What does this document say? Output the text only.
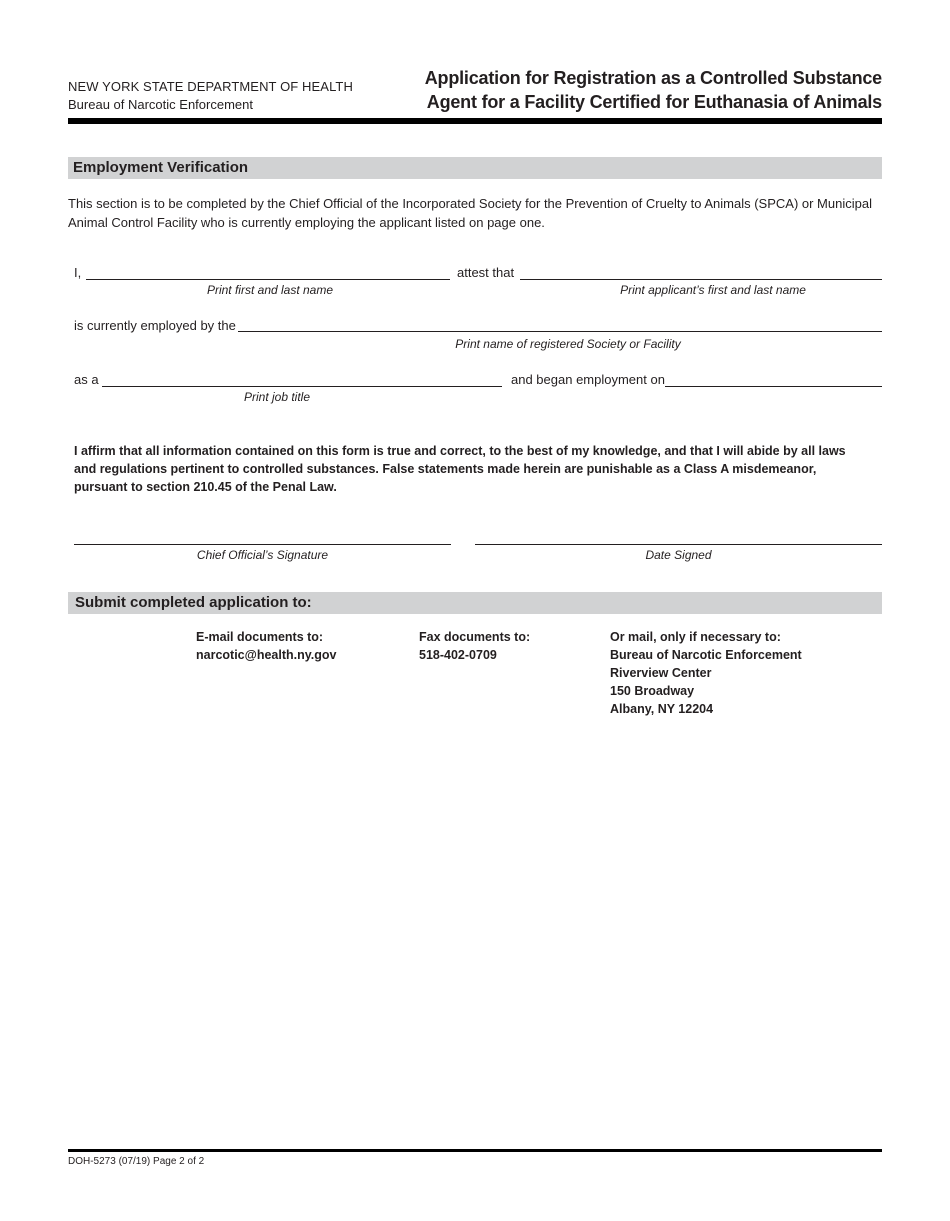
NEW YORK STATE DEPARTMENT OF HEALTH
Bureau of Narcotic Enforcement
Application for Registration as a Controlled Substance
Agent for a Facility Certified for Euthanasia of Animals
Employment Verification
This section is to be completed by the Chief Official of the Incorporated Society for the Prevention of Cruelty to Animals (SPCA) or Municipal Animal Control Facility who is currently employing the applicant listed on page one.
I,	attest that
Print first and last name	Print applicant’s first and last name
is currently employed by the
Print name of registered Society or Facility
as a	and began employment on
Print job title
I affirm that all information contained on this form is true and correct, to the best of my knowledge, and that I will abide by all laws and regulations pertinent to controlled substances. False statements made herein are punishable as a Class A misdemeanor, pursuant to section 210.45 of the Penal Law.
Chief Official’s Signature	Date Signed
Submit completed application to:
E-mail documents to:
narcotic@health.ny.gov
Fax documents to:
518-402-0709
Or mail, only if necessary to:
Bureau of Narcotic Enforcement
Riverview Center
150 Broadway
Albany, NY 12204
DOH-5273 (07/19) Page 2 of 2
